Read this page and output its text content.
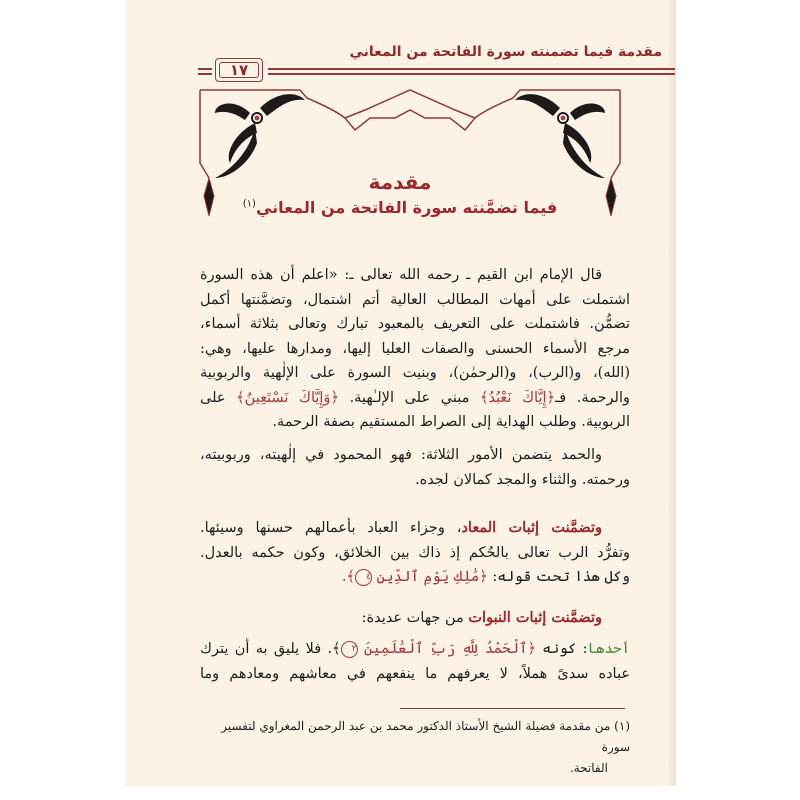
مقدمة فيما تضمنته سورة الفاتحة من المعاني
١٧
مقدمة
فيما تضمَّنته سورة الفاتحة من المعاني$^{(١)}$
قال الإمام ابن القيم ـ رحمه الله تعالى ـ: «اعلم أن هذه السورة
اشتملت على أمهات المطالب العالية أتم اشتمال، وتضمَّنتها أكمل
تضمُّن. فاشتملت على التعريف بالمعبود تبارك وتعالى بثلاثة أسماء،
مرجع الأسماء الحسنى والصفات العليا إليها، ومدارها عليها، وهي:
(الله)، و(الرب)، و(الرحمٰن)، وبنيت السورة على الإلٰهية والربوبية
والرحمة. فـ﴿إِيَّاكَ نَعْبُدُ﴾ مبني على الإلـٰهية. ﴿وَإِيَّاكَ نَسْتَعِينُ﴾ على
الربوبية. وطلب الهداية إلى الصراط المستقيم بصفة الرحمة.
والحمد يتضمن الأمور الثلاثة: فهو المحمود في إلٰهيته، وربوبيته،
ورحمته. والثناء والمجد كمالان لجده.
وتضمَّنت إثبات المعاد، وجزاء العباد بأعمالهم حسنها وسيئها.
وتفرُّد الرب تعالى بالحُكم إذ ذاك بين الخلائق، وكون حكمه بالعدل.
وكل هذا تحت قوله: ﴿مَٰلِكِ يَوْمِ ٱلدِّينِ ٤﴾.
وتضمَّنت إثبات النبوات من جهات عديدة:
أحدها: كونه ﴿ٱلْحَمْدُ لِلَّهِ رَبِّ ٱلْعَٰلَمِينَ ٢﴾. فلا يليق به أن يترك
عباده سدىً هملاً، لا يعرفهم ما ينفعهم في معاشهم ومعادهم وما
(١) من مقدمة فضيلة الشيخ الأستاذ الدكتور محمد بن عبد الرحمن المغراوي لتفسير سورة
الفاتحة.
